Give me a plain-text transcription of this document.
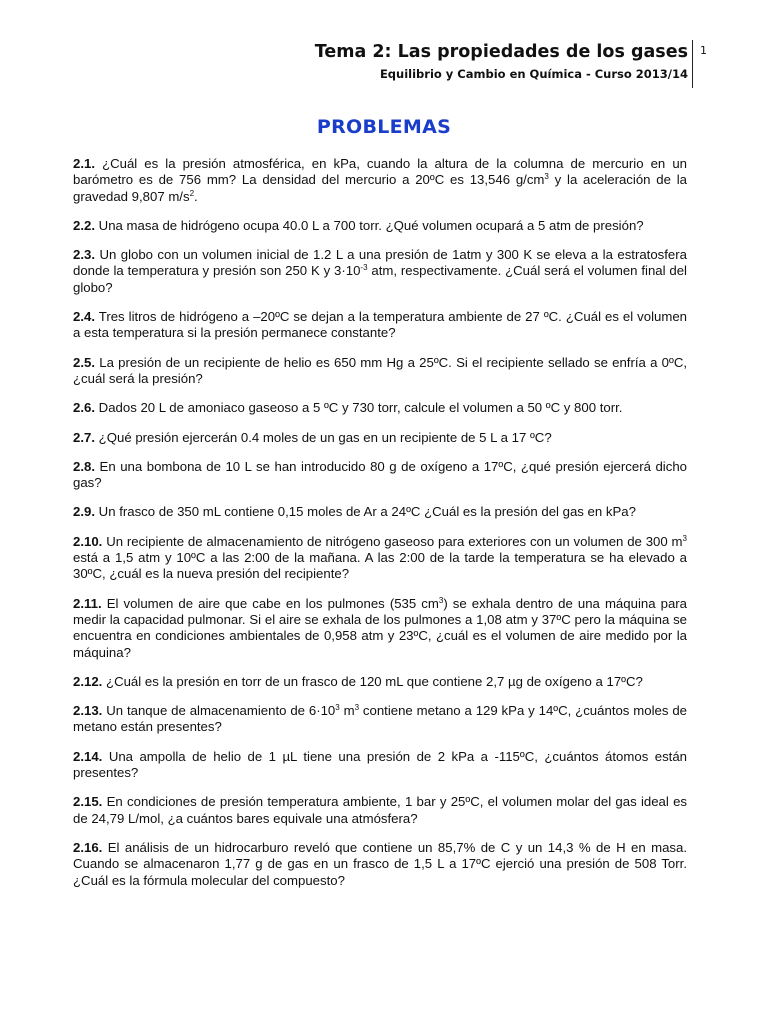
Tema 2: Las propiedades de los gases
Equilibrio y Cambio en Química - Curso 2013/14
1
PROBLEMAS

2.1. ¿Cuál es la presión atmosférica, en kPa, cuando la altura de la columna de mercurio en un barómetro es de 756 mm? La densidad del mercurio a 20ºC es 13,546 $g/cm^3$ y la aceleración de la gravedad 9,807 $m/s^2$.

2.2. Una masa de hidrógeno ocupa 40.0 L a 700 torr. ¿Qué volumen ocupará a 5 atm de presión?

2.3. Un globo con un volumen inicial de 1.2 L a una presión de 1atm y 300 K se eleva a la estratosfera donde la temperatura y presión son 250 K y $3\cdot 10^{-3}$ atm, respectivamente. ¿Cuál será el volumen final del globo?

2.4. Tres litros de hidrógeno a –20ºC se dejan a la temperatura ambiente de 27 ºC. ¿Cuál es el volumen a esta temperatura si la presión permanece constante?

2.5. La presión de un recipiente de helio es 650 mm Hg a 25ºC. Si el recipiente sellado se enfría a 0ºC, ¿cuál será la presión?

2.6. Dados 20 L de amoniaco gaseoso a 5 ºC y 730 torr, calcule el volumen a 50 ºC y 800 torr.

2.7. ¿Qué presión ejercerán 0.4 moles de un gas en un recipiente de 5 L a 17 ºC?

2.8. En una bombona de 10 L se han introducido 80 g de oxígeno a 17ºC, ¿qué presión ejercerá dicho gas?

2.9. Un frasco de 350 mL contiene 0,15 moles de Ar a 24ºC ¿Cuál es la presión del gas en kPa?

2.10. Un recipiente de almacenamiento de nitrógeno gaseoso para exteriores con un volumen de 300 $m^3$ está a 1,5 atm y 10ºC a las 2:00 de la mañana. A las 2:00 de la tarde la temperatura se ha elevado a 30ºC, ¿cuál es la nueva presión del recipiente?

2.11. El volumen de aire que cabe en los pulmones (535 $cm^3$) se exhala dentro de una máquina para medir la capacidad pulmonar. Si el aire se exhala de los pulmones a 1,08 atm y 37ºC pero la máquina se encuentra en condiciones ambientales de 0,958 atm y 23ºC, ¿cuál es el volumen de aire medido por la máquina?

2.12. ¿Cuál es la presión en torr de un frasco de 120 mL que contiene 2,7 µg de oxígeno a 17ºC?

2.13. Un tanque de almacenamiento de $6\cdot 10^3$ $m^3$ contiene metano a 129 kPa y 14ºC, ¿cuántos moles de metano están presentes?

2.14. Una ampolla de helio de 1 µL tiene una presión de 2 kPa a -115ºC, ¿cuántos átomos están presentes?

2.15. En condiciones de presión temperatura ambiente, 1 bar y 25ºC, el volumen molar del gas ideal es de 24,79 L/mol, ¿a cuántos bares equivale una atmósfera?

2.16. El análisis de un hidrocarburo reveló que contiene un 85,7% de C y un 14,3 % de H en masa. Cuando se almacenaron 1,77 g de gas en un frasco de 1,5 L a 17ºC ejerció una presión de 508 Torr. ¿Cuál es la fórmula molecular del compuesto?
